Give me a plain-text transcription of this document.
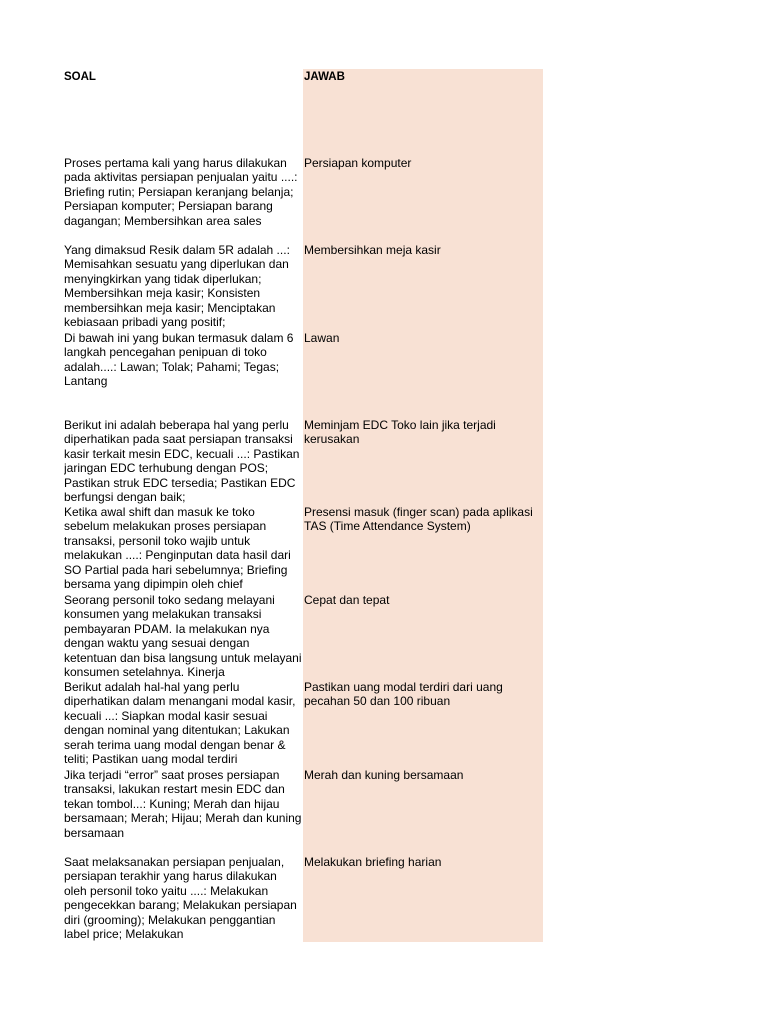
SOAL	JAWAB
Proses pertama kali yang harus dilakukan pada aktivitas persiapan penjualan yaitu ....: Briefing rutin; Persiapan keranjang belanja; Persiapan komputer; Persiapan barang dagangan; Membersihkan area sales
Persiapan komputer
Yang dimaksud Resik dalam 5R adalah ...: Memisahkan sesuatu yang diperlukan dan menyingkirkan yang tidak diperlukan; Membersihkan meja kasir; Konsisten membersihkan meja kasir; Menciptakan kebiasaan pribadi yang positif;
Membersihkan meja kasir
Di bawah ini yang bukan termasuk dalam 6 langkah pencegahan penipuan di toko adalah....: Lawan; Tolak; Pahami; Tegas; Lantang
Lawan
Berikut ini adalah beberapa hal yang perlu diperhatikan pada saat persiapan transaksi kasir terkait mesin EDC, kecuali ...: Pastikan jaringan EDC terhubung dengan POS; Pastikan struk EDC tersedia; Pastikan EDC berfungsi dengan baik;
Meminjam EDC Toko lain jika terjadi kerusakan
Ketika awal shift dan masuk ke toko sebelum melakukan proses persiapan transaksi, personil toko wajib untuk melakukan ....: Penginputan data hasil dari SO Partial pada hari sebelumnya; Briefing bersama yang dipimpin oleh chief
Presensi masuk (finger scan) pada aplikasi TAS (Time Attendance System)
Seorang personil toko sedang melayani konsumen yang melakukan transaksi pembayaran PDAM. Ia melakukan nya dengan waktu yang sesuai dengan ketentuan dan bisa langsung untuk melayani konsumen setelahnya. Kinerja
Cepat dan tepat
Berikut adalah hal-hal yang perlu diperhatikan dalam menangani modal kasir, kecuali ...: Siapkan modal kasir sesuai dengan nominal yang ditentukan; Lakukan serah terima uang modal dengan benar & teliti; Pastikan uang modal terdiri
Pastikan uang modal terdiri dari uang pecahan 50 dan 100 ribuan
Jika terjadi “error” saat proses persiapan transaksi, lakukan restart mesin EDC dan tekan tombol...: Kuning; Merah dan hijau bersamaan; Merah; Hijau; Merah dan kuning bersamaan
Merah dan kuning bersamaan
Saat melaksanakan persiapan penjualan, persiapan terakhir yang harus dilakukan oleh personil toko yaitu ....: Melakukan pengecekkan barang; Melakukan persiapan diri (grooming); Melakukan penggantian label price; Melakukan
Melakukan briefing harian
